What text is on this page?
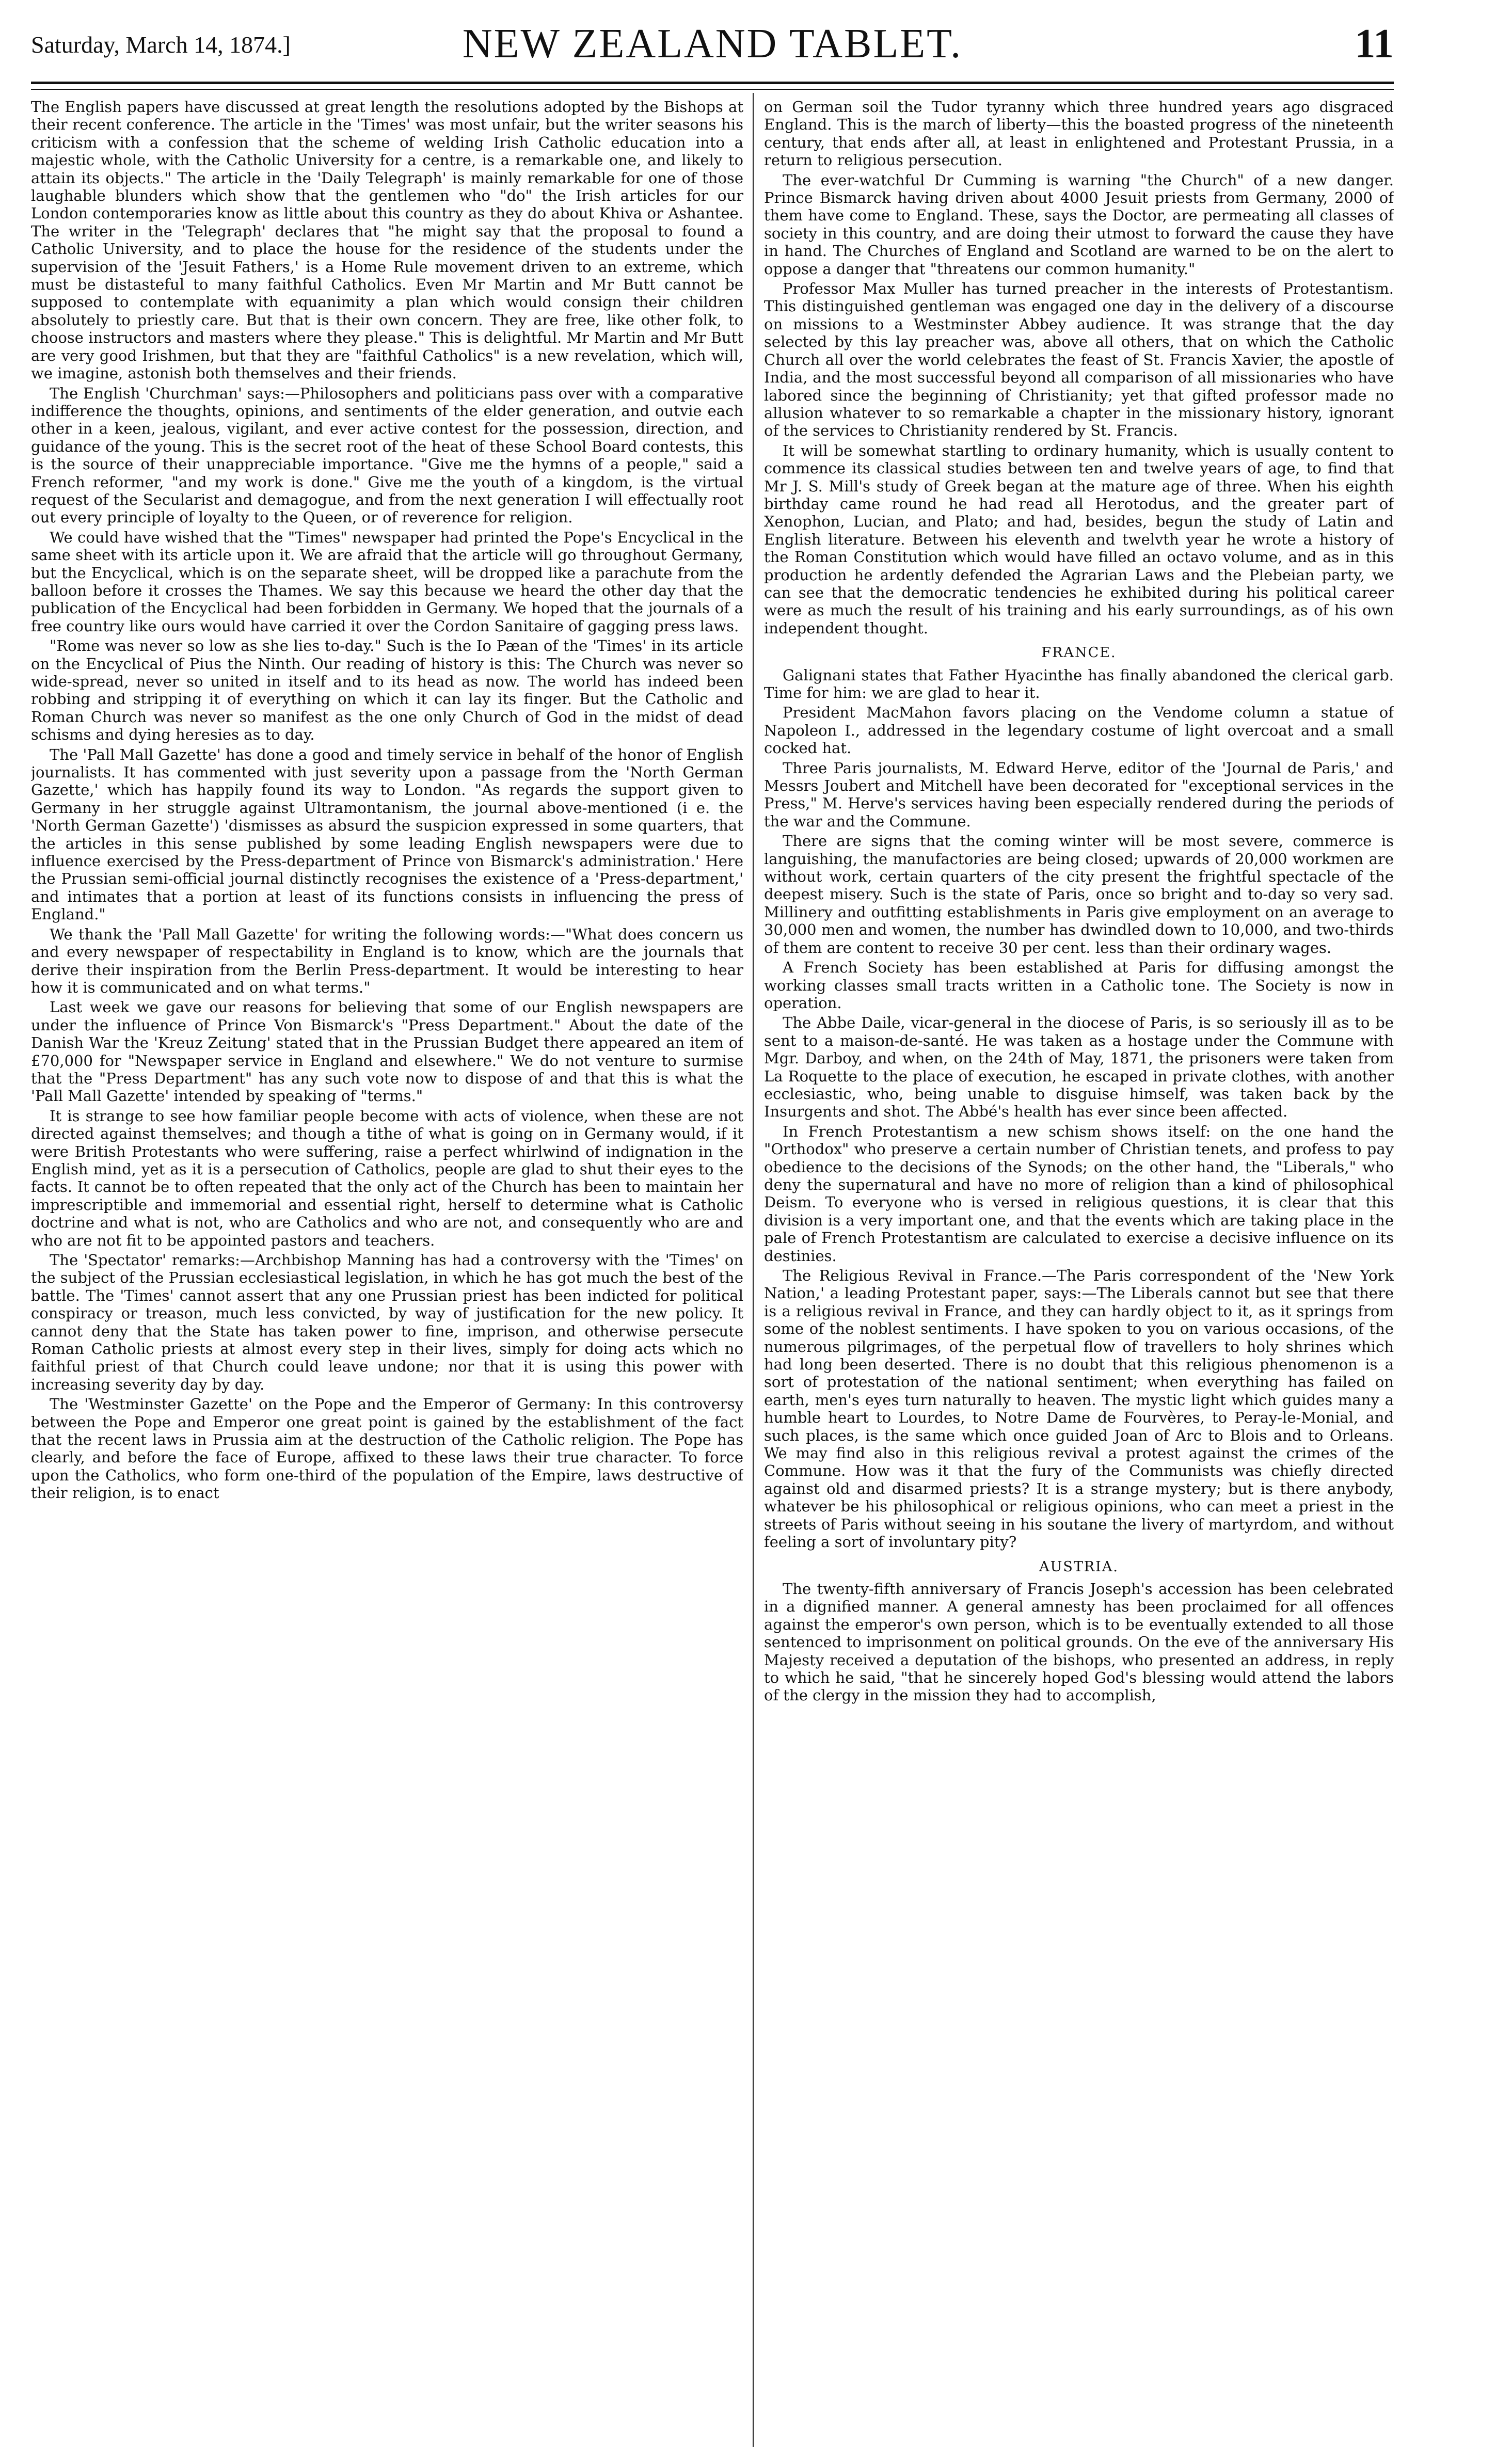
Saturday, March 14, 1874.]	NEW ZEALAND TABLET.	11

The English papers have discussed at great length the resolutions adopted by the Bishops at their recent conference. The article in the 'Times' was most unfair, but the writer seasons his criticism with a confession that the scheme of welding Irish Catholic education into a majestic whole, with the Catholic University for a centre, is a remarkable one, and likely to attain its objects." The article in the 'Daily Telegraph' is mainly remarkable for one of those laughable blunders which show that the gentlemen who "do" the Irish articles for our London contemporaries know as little about this country as they do about Khiva or Ashantee. The writer in the 'Telegraph' declares that "he might say that the proposal to found a Catholic University, and to place the house for the residence of the students under the supervision of the 'Jesuit Fathers,' is a Home Rule movement driven to an extreme, which must be distasteful to many faithful Catholics. Even Mr Martin and Mr Butt cannot be supposed to contemplate with equanimity a plan which would consign their children absolutely to priestly care. But that is their own concern. They are free, like other folk, to choose instructors and masters where they please." This is delightful. Mr Martin and Mr Butt are very good Irishmen, but that they are "faithful Catholics" is a new revelation, which will, we imagine, astonish both themselves and their friends.

The English 'Churchman' says:—Philosophers and politicians pass over with a comparative indifference the thoughts, opinions, and sentiments of the elder generation, and outvie each other in a keen, jealous, vigilant, and ever active contest for the possession, direction, and guidance of the young. This is the secret root of the heat of these School Board contests, this is the source of their unappreciable importance. "Give me the hymns of a people," said a French reformer, "and my work is done." Give me the youth of a kingdom, is the virtual request of the Secularist and demagogue, and from the next generation I will effectually root out every principle of loyalty to the Queen, or of reverence for religion.

We could have wished that the "Times" newspaper had printed the Pope's Encyclical in the same sheet with its article upon it. We are afraid that the article will go throughout Germany, but the Encyclical, which is on the separate sheet, will be dropped like a parachute from the balloon before it crosses the Thames. We say this because we heard the other day that the publication of the Encyclical had been forbidden in Germany. We hoped that the journals of a free country like ours would have carried it over the Cordon Sanitaire of gagging press laws.

"Rome was never so low as she lies to-day." Such is the Io Pæan of the 'Times' in its article on the Encyclical of Pius the Ninth. Our reading of history is this: The Church was never so wide-spread, never so united in itself and to its head as now. The world has indeed been robbing and stripping it of everything on which it can lay its finger. But the Catholic and Roman Church was never so manifest as the one only Church of God in the midst of dead schisms and dying heresies as to day.

The 'Pall Mall Gazette' has done a good and timely service in behalf of the honor of English journalists. It has commented with just severity upon a passage from the 'North German Gazette,' which has happily found its way to London. "As regards the support given to Germany in her struggle against Ultramontanism, the journal above-mentioned (i e. the 'North German Gazette') 'dismisses as absurd the suspicion expressed in some quarters, that the articles in this sense published by some leading English newspapers were due to influence exercised by the Press-department of Prince von Bismarck's administration.' Here the Prussian semi-official journal distinctly recognises the existence of a 'Press-department,' and intimates that a portion at least of its functions consists in influencing the press of England."

We thank the 'Pall Mall Gazette' for writing the following words:—"What does concern us and every newspaper of respectability in England is to know, which are the journals that derive their inspiration from the Berlin Press-department. It would be interesting to hear how it is communicated and on what terms."

Last week we gave our reasons for believing that some of our English newspapers are under the influence of Prince Von Bismarck's "Press Department." About the date of the Danish War the 'Kreuz Zeitung' stated that in the Prussian Budget there appeared an item of £70,000 for "Newspaper service in England and elsewhere." We do not venture to surmise that the "Press Department" has any such vote now to dispose of and that this is what the 'Pall Mall Gazette' intended by speaking of "terms."

It is strange to see how familiar people become with acts of violence, when these are not directed against themselves; and though a tithe of what is going on in Germany would, if it were British Protestants who were suffering, raise a perfect whirlwind of indignation in the English mind, yet as it is a persecution of Catholics, people are glad to shut their eyes to the facts. It cannot be to often repeated that the only act of the Church has been to maintain her imprescriptible and immemorial and essential right, herself to determine what is Catholic doctrine and what is not, who are Catholics and who are not, and consequently who are and who are not fit to be appointed pastors and teachers.

The 'Spectator' remarks:—Archbishop Manning has had a controversy with the 'Times' on the subject of the Prussian ecclesiastical legislation, in which he has got much the best of the battle. The 'Times' cannot assert that any one Prussian priest has been indicted for political conspiracy or treason, much less convicted, by way of justification for the new policy. It cannot deny that the State has taken power to fine, imprison, and otherwise persecute Roman Catholic priests at almost every step in their lives, simply for doing acts which no faithful priest of that Church could leave undone; nor that it is using this power with increasing severity day by day.

The 'Westminster Gazette' on the Pope and the Emperor of Germany: In this controversy between the Pope and Emperor one great point is gained by the establishment of the fact that the recent laws in Prussia aim at the destruction of the Catholic religion. The Pope has clearly, and before the face of Europe, affixed to these laws their true character. To force upon the Catholics, who form one-third of the population of the Empire, laws destructive of their religion, is to enact

on German soil the Tudor tyranny which three hundred years ago disgraced England. This is the march of liberty—this the boasted progress of the nineteenth century, that ends after all, at least in enlightened and Protestant Prussia, in a return to religious persecution.

The ever-watchful Dr Cumming is warning "the Church" of a new danger. Prince Bismarck having driven about 4000 Jesuit priests from Germany, 2000 of them have come to England. These, says the Doctor, are permeating all classes of society in this country, and are doing their utmost to forward the cause they have in hand. The Churches of England and Scotland are warned to be on the alert to oppose a danger that "threatens our common humanity."

Professor Max Muller has turned preacher in the interests of Protestantism. This distinguished gentleman was engaged one day in the delivery of a discourse on missions to a Westminster Abbey audience. It was strange that the day selected by this lay preacher was, above all others, that on which the Catholic Church all over the world celebrates the feast of St. Francis Xavier, the apostle of India, and the most successful beyond all comparison of all missionaries who have labored since the beginning of Christianity; yet that gifted professor made no allusion whatever to so remarkable a chapter in the missionary history, ignorant of the services to Christianity rendered by St. Francis.

It will be somewhat startling to ordinary humanity, which is usually content to commence its classical studies between ten and twelve years of age, to find that Mr J. S. Mill's study of Greek began at the mature age of three. When his eighth birthday came round he had read all Herotodus, and the greater part of Xenophon, Lucian, and Plato; and had, besides, begun the study of Latin and English literature. Between his eleventh and twelvth year he wrote a history of the Roman Constitution which would have filled an octavo volume, and as in this production he ardently defended the Agrarian Laws and the Plebeian party, we can see that the democratic tendencies he exhibited during his political career were as much the result of his training and his early surroundings, as of his own independent thought.

FRANCE.

Galignani states that Father Hyacinthe has finally abandoned the clerical garb. Time for him: we are glad to hear it.

President MacMahon favors placing on the Vendome column a statue of Napoleon I., addressed in the legendary costume of light overcoat and a small cocked hat.

Three Paris journalists, M. Edward Herve, editor of the 'Journal de Paris,' and Messrs Joubert and Mitchell have been decorated for "exceptional services in the Press," M. Herve's services having been especially rendered during the periods of the war and the Commune.

There are signs that the coming winter will be most severe, commerce is languishing, the manufactories are being closed; upwards of 20,000 workmen are without work, certain quarters of the city present the frightful spectacle of the deepest misery. Such is the state of Paris, once so bright and to-day so very sad. Millinery and outfitting establishments in Paris give employment on an average to 30,000 men and women, the number has dwindled down to 10,000, and two-thirds of them are content to receive 30 per cent. less than their ordinary wages.

A French Society has been established at Paris for diffusing amongst the working classes small tracts written in a Catholic tone. The Society is now in operation.

The Abbe Daile, vicar-general in the diocese of Paris, is so seriously ill as to be sent to a maison-de-santé. He was taken as a hostage under the Commune with Mgr. Darboy, and when, on the 24th of May, 1871, the prisoners were taken from La Roquette to the place of execution, he escaped in private clothes, with another ecclesiastic, who, being unable to disguise himself, was taken back by the Insurgents and shot. The Abbé's health has ever since been affected.

In French Protestantism a new schism shows itself: on the one hand the "Orthodox" who preserve a certain number of Christian tenets, and profess to pay obedience to the decisions of the Synods; on the other hand, the "Liberals," who deny the supernatural and have no more of religion than a kind of philosophical Deism. To everyone who is versed in religious questions, it is clear that this division is a very important one, and that the events which are taking place in the pale of French Protestantism are calculated to exercise a decisive influence on its destinies.

The Religious Revival in France.—The Paris correspondent of the 'New York Nation,' a leading Protestant paper, says:—The Liberals cannot but see that there is a religious revival in France, and they can hardly object to it, as it springs from some of the noblest sentiments. I have spoken to you on various occasions, of the numerous pilgrimages, of the perpetual flow of travellers to holy shrines which had long been deserted. There is no doubt that this religious phenomenon is a sort of protestation of the national sentiment; when everything has failed on earth, men's eyes turn naturally to heaven. The mystic light which guides many a humble heart to Lourdes, to Notre Dame de Fourvères, to Peray-le-Monial, and such places, is the same which once guided Joan of Arc to Blois and to Orleans. We may find also in this religious revival a protest against the crimes of the Commune. How was it that the fury of the Communists was chiefly directed against old and disarmed priests? It is a strange mystery; but is there anybody, whatever be his philosophical or religious opinions, who can meet a priest in the streets of Paris without seeing in his soutane the livery of martyrdom, and without feeling a sort of involuntary pity?

AUSTRIA.

The twenty-fifth anniversary of Francis Joseph's accession has been celebrated in a dignified manner. A general amnesty has been proclaimed for all offences against the emperor's own person, which is to be eventually extended to all those sentenced to imprisonment on political grounds. On the eve of the anniversary His Majesty received a deputation of the bishops, who presented an address, in reply to which he said, "that he sincerely hoped God's blessing would attend the labors of the clergy in the mission they had to accomplish,
